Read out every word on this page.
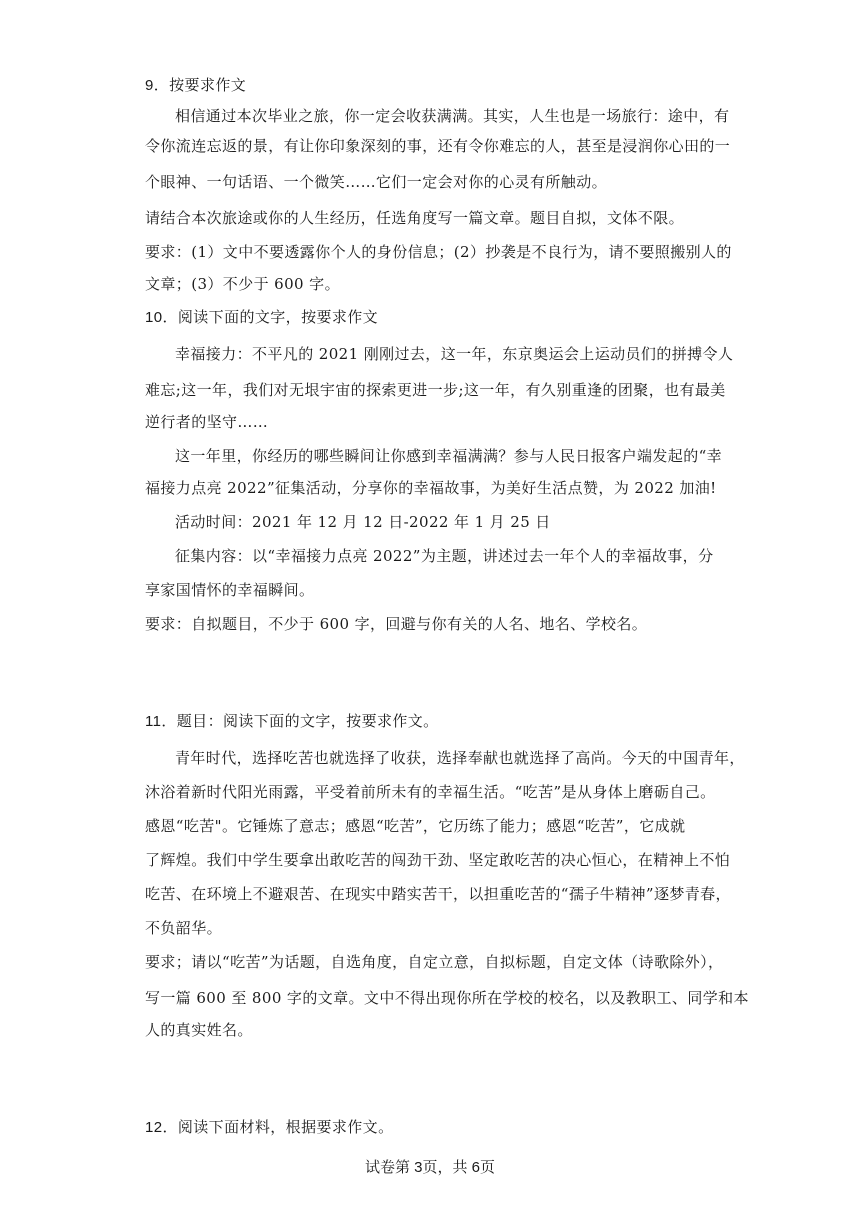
9．按要求作文
相信通过本次毕业之旅，你一定会收获满满。其实，人生也是一场旅行：途中，有
令你流连忘返的景，有让你印象深刻的事，还有令你难忘的人，甚至是浸润你心田的一
个眼神、一句话语、一个微笑……它们一定会对你的心灵有所触动。
请结合本次旅途或你的人生经历，任选角度写一篇文章。题目自拟，文体不限。
要求：(1）文中不要透露你个人的身份信息；(2）抄袭是不良行为，请不要照搬别人的
文章；(3）不少于 600 字。
10．阅读下面的文字，按要求作文
幸福接力：不平凡的 2021 刚刚过去，这一年，东京奥运会上运动员们的拼搏令人
难忘;这一年，我们对无垠宇宙的探索更进一步;这一年，有久别重逢的团聚，也有最美
逆行者的坚守……
这一年里，你经历的哪些瞬间让你感到幸福满满？参与人民日报客户端发起的“幸
福接力点亮 2022”征集活动，分享你的幸福故事，为美好生活点赞，为 2022 加油!
活动时间：2021 年 12 月 12 日-2022 年 1 月 25 日
征集内容：以“幸福接力点亮 2022”为主题，讲述过去一年个人的幸福故事，分
享家国情怀的幸福瞬间。
要求：自拟题目，不少于 600 字，回避与你有关的人名、地名、学校名。
11．题目：阅读下面的文字，按要求作文。
青年时代，选择吃苦也就选择了收获，选择奉献也就选择了高尚。今天的中国青年，
沐浴着新时代阳光雨露，平受着前所未有的幸福生活。“吃苦”是从身体上磨砺自己。
感恩“吃苦"。它锤炼了意志；感恩“吃苦”，它历练了能力；感恩“吃苦”，它成就
了辉煌。我们中学生要拿出敢吃苦的闯劲干劲、坚定敢吃苦的决心恒心，在精神上不怕
吃苦、在环境上不避艰苦、在现实中踏实苦干，以担重吃苦的“孺子牛精神”逐梦青春，
不负韶华。
要求；请以“吃苦”为话题，自选角度，自定立意，自拟标题，自定文体（诗歌除外），
写一篇 600 至 800 字的文章。文中不得出现你所在学校的校名，以及教职工、同学和本
人的真实姓名。
12．阅读下面材料，根据要求作文。
试卷第 3页，共 6页
